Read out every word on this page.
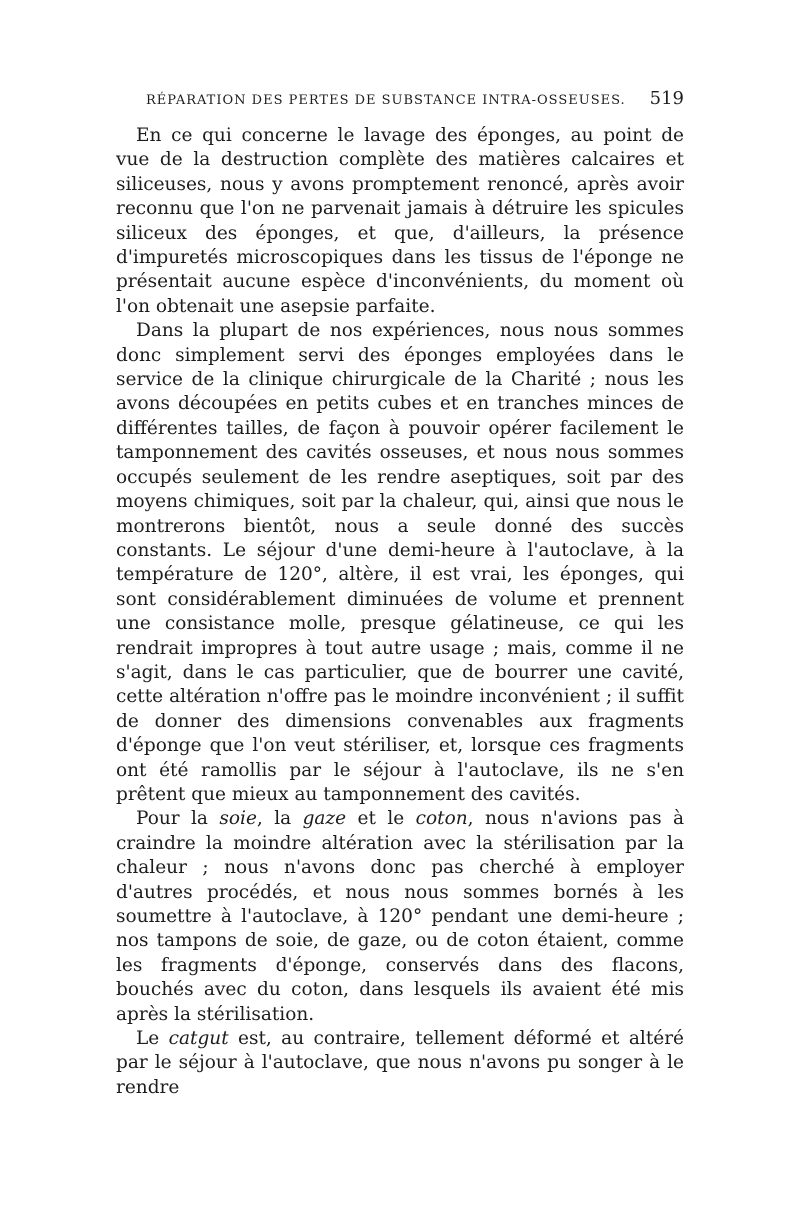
RÉPARATION DES PERTES DE SUBSTANCE INTRA-OSSEUSES. 519

En ce qui concerne le lavage des éponges, au point de vue de la destruction complète des matières calcaires et siliceuses, nous y avons promptement renoncé, après avoir reconnu que l'on ne parvenait jamais à détruire les spicules siliceux des éponges, et que, d'ailleurs, la présence d'impuretés microscopiques dans les tissus de l'éponge ne présentait aucune espèce d'inconvénients, du moment où l'on obtenait une asepsie parfaite.

Dans la plupart de nos expériences, nous nous sommes donc simplement servi des éponges employées dans le service de la clinique chirurgicale de la Charité ; nous les avons découpées en petits cubes et en tranches minces de différentes tailles, de façon à pouvoir opérer facilement le tamponnement des cavités osseuses, et nous nous sommes occupés seulement de les rendre aseptiques, soit par des moyens chimiques, soit par la chaleur, qui, ainsi que nous le montrerons bientôt, nous a seule donné des succès constants. Le séjour d'une demi-heure à l'autoclave, à la température de 120°, altère, il est vrai, les éponges, qui sont considérablement diminuées de volume et prennent une consistance molle, presque gélatineuse, ce qui les rendrait impropres à tout autre usage ; mais, comme il ne s'agit, dans le cas particulier, que de bourrer une cavité, cette altération n'offre pas le moindre inconvénient ; il suffit de donner des dimensions convenables aux fragments d'éponge que l'on veut stériliser, et, lorsque ces fragments ont été ramollis par le séjour à l'autoclave, ils ne s'en prêtent que mieux au tamponnement des cavités.

Pour la soie, la gaze et le coton, nous n'avions pas à craindre la moindre altération avec la stérilisation par la chaleur ; nous n'avons donc pas cherché à employer d'autres procédés, et nous nous sommes bornés à les soumettre à l'autoclave, à 120° pendant une demi-heure ; nos tampons de soie, de gaze, ou de coton étaient, comme les fragments d'éponge, conservés dans des flacons, bouchés avec du coton, dans lesquels ils avaient été mis après la stérilisation.

Le catgut est, au contraire, tellement déformé et altéré par le séjour à l'autoclave, que nous n'avons pu songer à le rendre
